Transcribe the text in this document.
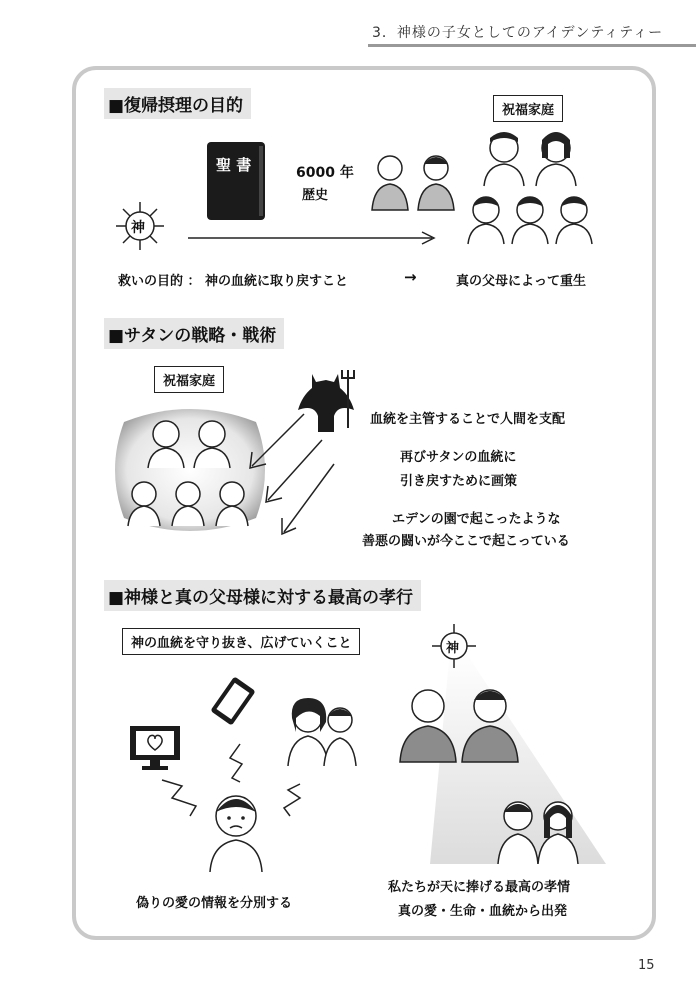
3．神様の子女としてのアイデンティティー
■復帰摂理の目的	祝福家庭
聖 書	6000 年
歴史
神
救いの目的 ： 神の血統に取り戻すこと	→	真の父母によって重生
■サタンの戦略・戦術
祝福家庭
血統を主管することで人間を支配
再びサタンの血統に
引き戻すために画策
エデンの園で起こったような
善悪の闘いが今ここで起こっている
■神様と真の父母様に対する最高の孝行
神の血統を守り抜き、広げていくこと	神
偽りの愛の情報を分別する
私たちが天に捧げる最高の孝情
真の愛・生命・血統から出発
15
